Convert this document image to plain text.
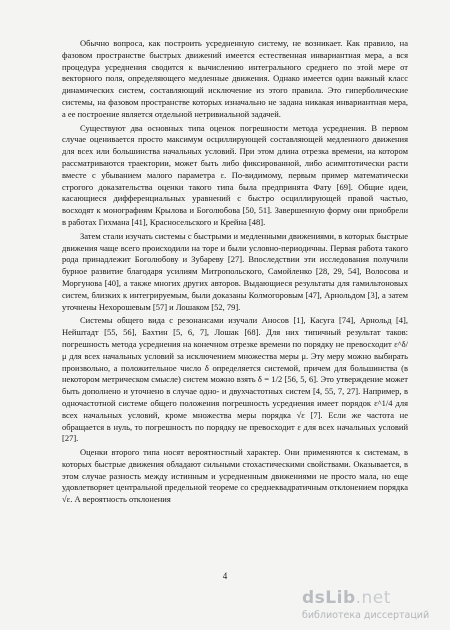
Обычно вопроса, как построить усредненную систему, не возникает. Как правило, на фазовом пространстве быстрых движений имеется естественная инвариантная мера, а вся процедура усреднения сводится к вычислению интегрального среднего по этой мере от векторного поля, определяющего медленные движения. Однако имеется один важный класс динамических систем, составляющий исключение из этого правила. Это гиперболические системы, на фазовом пространстве которых изначально не задана никакая инвариантная мера, а ее построение является отдельной нетривиальной задачей.

Существуют два основных типа оценок погрешности метода усреднения. В первом случае оценивается просто максимум осциллирующей составляющей медленного движения для всех или большинства начальных условий. При этом длина отрезка времени, на котором рассматриваются траектории, может быть либо фиксированной, либо асимптотически расти вместе с убыванием малого параметра ε. По-видимому, первым пример математически строгого доказательства оценки такого типа была предпринята Фату [69]. Общие идеи, касающиеся дифференциальных уравнений с быстро осциллирующей правой частью, восходят к монографиям Крылова и Боголюбова [50, 51]. Завершенную форму они приобрели в работах Гихмана [41], Красносельского и Крейна [48].

Затем стали изучать системы с быстрыми и медленными движениями, в которых быстрые движения чаще всего происходили на торе и были условно-периодичны. Первая работа такого рода принадлежит Боголюбову и Зубареву [27]. Впоследствии эти исследования получили бурное развитие благодаря усилиям Митропольского, Самойленко [28, 29, 54], Волосова и Моргунова [40], а также многих других авторов. Выдающиеся результаты для гамильтоновых систем, близких к интегрируемым, были доказаны Колмогоровым [47], Арнольдом [3], а затем уточнены Нехорошевым [57] и Лошаком [52, 79].

Системы общего вида с резонансами изучали Аносов [1], Касуга [74], Арнольд [4], Нейштадт [55, 56], Бахтин [5, 6, 7], Лошак [68]. Для них типичный результат таков: погрешность метода усреднения на конечном отрезке времени по порядку не превосходит ε^δ/μ для всех начальных условий за исключением множества меры μ. Эту меру можно выбирать произвольно, а положительное число δ определяется системой, причем для большинства (в некотором метрическом смысле) систем можно взять δ = 1/2 [56, 5, 6]. Это утверждение может быть дополнено и уточнено в случае одно- и двухчастотных систем [4, 55, 7, 27]. Например, в одночастотной системе общего положения погрешность усреднения имеет порядок ε^1/4 для всех начальных условий, кроме множества меры порядка √ε [7]. Если же частота не обращается в нуль, то погрешность по порядку не превосходит ε для всех начальных условий [27].

Оценки второго типа носят вероятностный характер. Они применяются к системам, в которых быстрые движения обладают сильными стохастическими свойствами. Оказывается, в этом случае разность между истинным и усредненным движениями не просто мала, но еще удовлетворяет центральной предельной теореме со среднеквадратичным отклонением порядка √ε. А вероятность отклонения

4
dsLib.net
библиотека диссертаций
